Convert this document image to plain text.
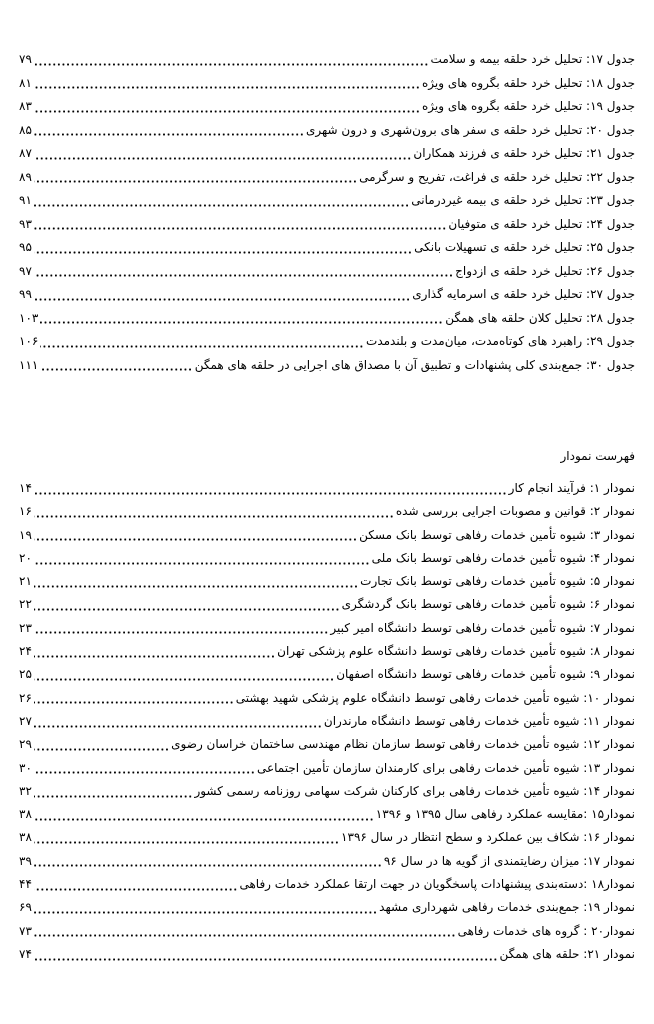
جدول ۱۷: تحلیل خرد حلقه بیمه و سلامت
۷۹
جدول ۱۸: تحلیل خرد حلقه بگروه های ویژه
۸۱
جدول ۱۹: تحلیل خرد حلقه بگروه های ویژه
۸۳
جدول ۲۰: تحلیل خرد حلقه ی سفر های برون‌شهری و درون شهری
۸۵
جدول ۲۱: تحلیل خرد حلقه ی فرزند همکاران
۸۷
جدول ۲۲: تحلیل خرد حلقه ی فراغت، تفریح و سرگرمی
۸۹
جدول ۲۳: تحلیل خرد حلقه ی بیمه غیردرمانی
۹۱
جدول ۲۴: تحلیل خرد حلقه ی متوفیان
۹۳
جدول ۲۵: تحلیل خرد حلقه ی تسهیلات بانکی
۹۵
جدول ۲۶: تحلیل خرد حلقه ی ازدواج
۹۷
جدول ۲۷: تحلیل خرد حلقه ی اسرمایه گذاری
۹۹
جدول ۲۸: تحلیل کلان حلقه های همگن
۱۰۳
جدول ۲۹: راهبرد های کوتاه‌مدت، میان‌مدت و بلندمدت
۱۰۶
جدول ۳۰: جمع‌بندی کلی پشنهادات و تطبیق آن با مصداق های اجرایی در حلقه های همگن
۱۱۱
فهرست نمودار
نمودار ۱: فرآیند انجام کار
۱۴
نمودار ۲: قوانین و مصوبات اجرایی بررسی شده
۱۶
نمودار ۳: شیوه تأمین خدمات رفاهی توسط بانک مسکن
۱۹
نمودار ۴: شیوه تأمین خدمات رفاهی توسط بانک ملی
۲۰
نمودار ۵: شیوه تأمین خدمات رفاهی توسط بانک تجارت
۲۱
نمودار ۶: شیوه تأمین خدمات رفاهی توسط بانک گردشگری
۲۲
نمودار ۷: شیوه تأمین خدمات رفاهی توسط دانشگاه امیر کبیر
۲۳
نمودار ۸: شیوه تأمین خدمات رفاهی توسط دانشگاه علوم پزشکی تهران
۲۴
نمودار ۹: شیوه تأمین خدمات رفاهی توسط دانشگاه اصفهان
۲۵
نمودار ۱۰: شیوه تأمین خدمات رفاهی توسط دانشگاه علوم پزشکی شهید بهشتی
۲۶
نمودار ۱۱: شیوه تأمین خدمات رفاهی توسط دانشگاه مارندران
۲۷
نمودار ۱۲: شیوه تأمین خدمات رفاهی توسط سازمان نظام مهندسی ساختمان خراسان رضوی
۲۹
نمودار ۱۳: شیوه تأمین خدمات رفاهی برای کارمندان سازمان تأمین اجتماعی
۳۰
نمودار ۱۴: شیوه تأمین خدمات رفاهی برای کارکنان شرکت سهامی روزنامه رسمی کشور
۳۲
نمودار۱۵ :مقایسه عملکرد رفاهی سال ۱۳۹۵ و ۱۳۹۶
۳۸
نمودار ۱۶: شکاف بین عملکرد و سطح انتظار در سال ۱۳۹۶
۳۸
نمودار ۱۷: میزان رضایتمندی از گویه ها در سال ۹۶
۳۹
نمودار۱۸ :دسته‌بندی پیشنهادات پاسخگویان در جهت ارتقا عملکرد خدمات رفاهی
۴۴
نمودار ۱۹: جمع‌بندی خدمات رفاهی شهرداری مشهد
۶۹
نمودار۲۰ : گروه های خدمات رفاهی
۷۳
نمودار ۲۱: حلقه های همگن
۷۴
